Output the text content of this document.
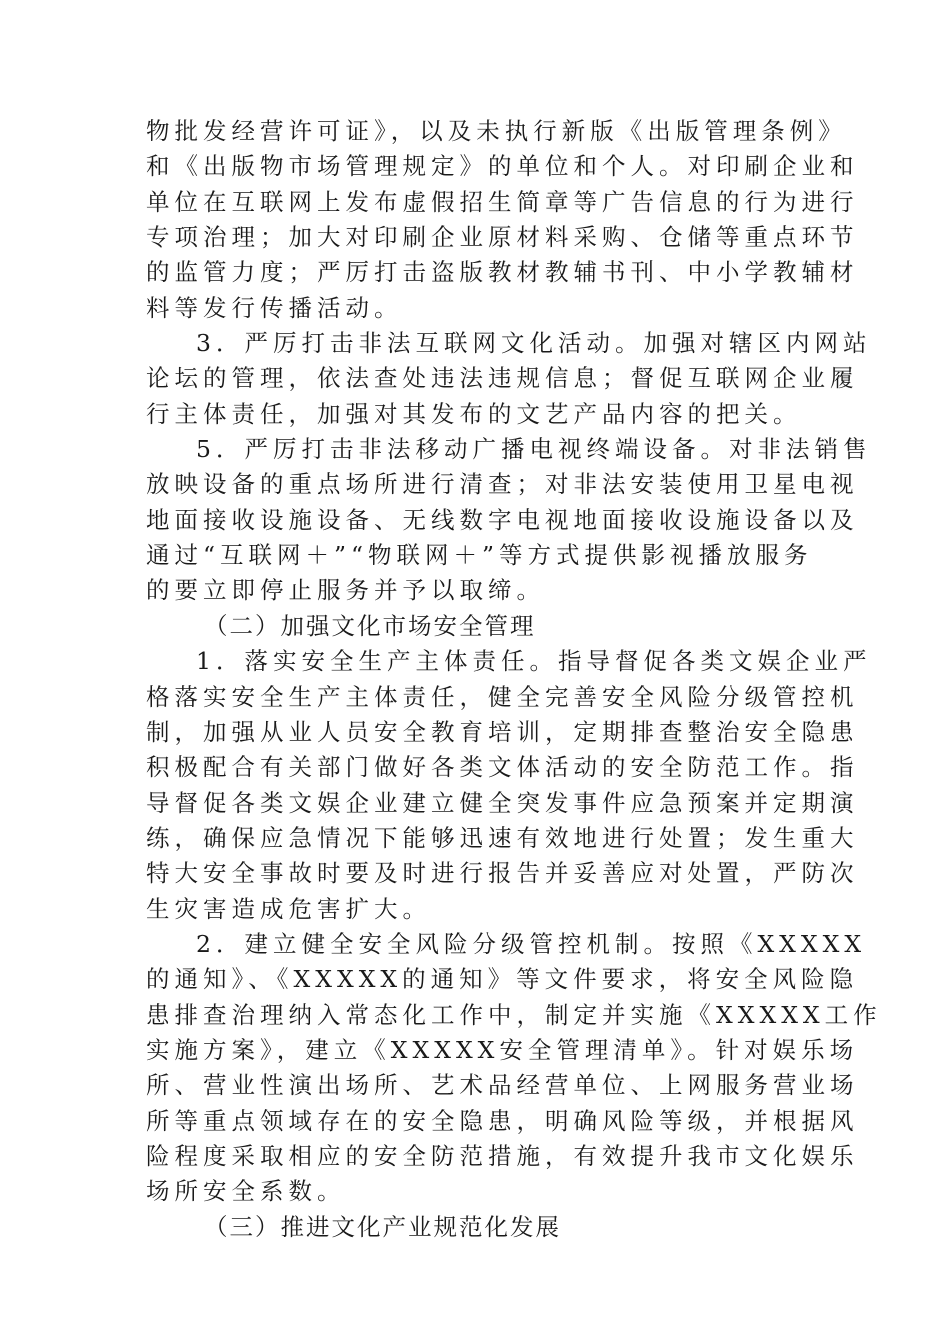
物批发经营许可证》，以及未执行新版《出版管理条例》
和《出版物市场管理规定》的单位和个人。对印刷企业和
单位在互联网上发布虚假招生简章等广告信息的行为进行
专项治理；加大对印刷企业原材料采购、仓储等重点环节
的监管力度；严厉打击盗版教材教辅书刊、中小学教辅材
料等发行传播活动。
3．严厉打击非法互联网文化活动。加强对辖区内网站
论坛的管理，依法查处违法违规信息；督促互联网企业履
行主体责任，加强对其发布的文艺产品内容的把关。
5．严厉打击非法移动广播电视终端设备。对非法销售
放映设备的重点场所进行清查；对非法安装使用卫星电视
地面接收设施设备、无线数字电视地面接收设施设备以及
通过“互联网＋”“物联网＋”等方式提供影视播放服务
的要立即停止服务并予以取缔。
（二）加强文化市场安全管理
1．落实安全生产主体责任。指导督促各类文娱企业严
格落实安全生产主体责任，健全完善安全风险分级管控机
制，加强从业人员安全教育培训，定期排查整治安全隐患
积极配合有关部门做好各类文体活动的安全防范工作。指
导督促各类文娱企业建立健全突发事件应急预案并定期演
练，确保应急情况下能够迅速有效地进行处置；发生重大
特大安全事故时要及时进行报告并妥善应对处置，严防次
生灾害造成危害扩大。
2．建立健全安全风险分级管控机制。按照《XXXXX
的通知》、《XXXXX的通知》等文件要求，将安全风险隐
患排查治理纳入常态化工作中，制定并实施《XXXXX工作
实施方案》，建立《XXXXX安全管理清单》。针对娱乐场
所、营业性演出场所、艺术品经营单位、上网服务营业场
所等重点领域存在的安全隐患，明确风险等级，并根据风
险程度采取相应的安全防范措施，有效提升我市文化娱乐
场所安全系数。
（三）推进文化产业规范化发展
